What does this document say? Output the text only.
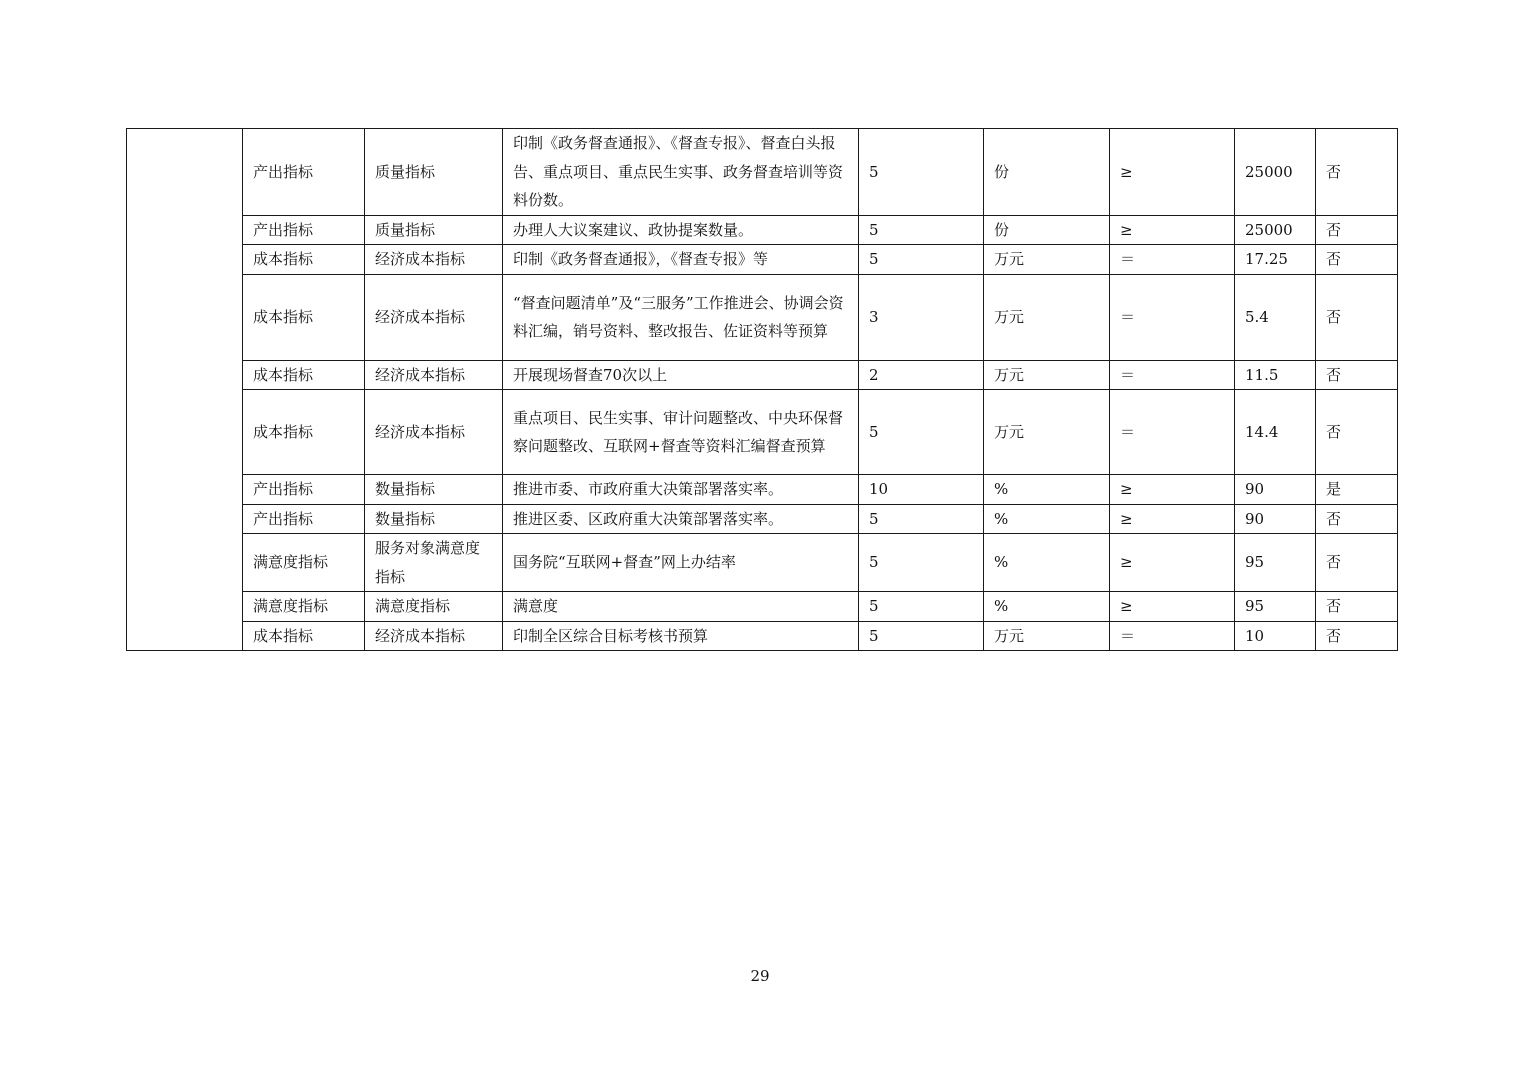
	产出指标	质量指标	印制《政务督查通报》、《督查专报》、督查白头报告、重点项目、重点民生实事、政务督查培训等资料份数。	5	份	≥	25000	否
	产出指标	质量指标	办理人大议案建议、政协提案数量。	5	份	≥	25000	否
	成本指标	经济成本指标	印制《政务督查通报》，《督查专报》等	5	万元	＝	17.25	否
	成本指标	经济成本指标	“督查问题清单”及“三服务”工作推进会、协调会资料汇编，销号资料、整改报告、佐证资料等预算	3	万元	＝	5.4	否
	成本指标	经济成本指标	开展现场督查70次以上	2	万元	＝	11.5	否
	成本指标	经济成本指标	重点项目、民生实事、审计问题整改、中央环保督察问题整改、互联网+督查等资料汇编督查预算	5	万元	＝	14.4	否
	产出指标	数量指标	推进市委、市政府重大决策部署落实率。	10	%	≥	90	是
	产出指标	数量指标	推进区委、区政府重大决策部署落实率。	5	%	≥	90	否
	满意度指标	服务对象满意度指标	国务院“互联网+督查”网上办结率	5	%	≥	95	否
	满意度指标	满意度指标	满意度	5	%	≥	95	否
	成本指标	经济成本指标	印制全区综合目标考核书预算	5	万元	＝	10	否
29
